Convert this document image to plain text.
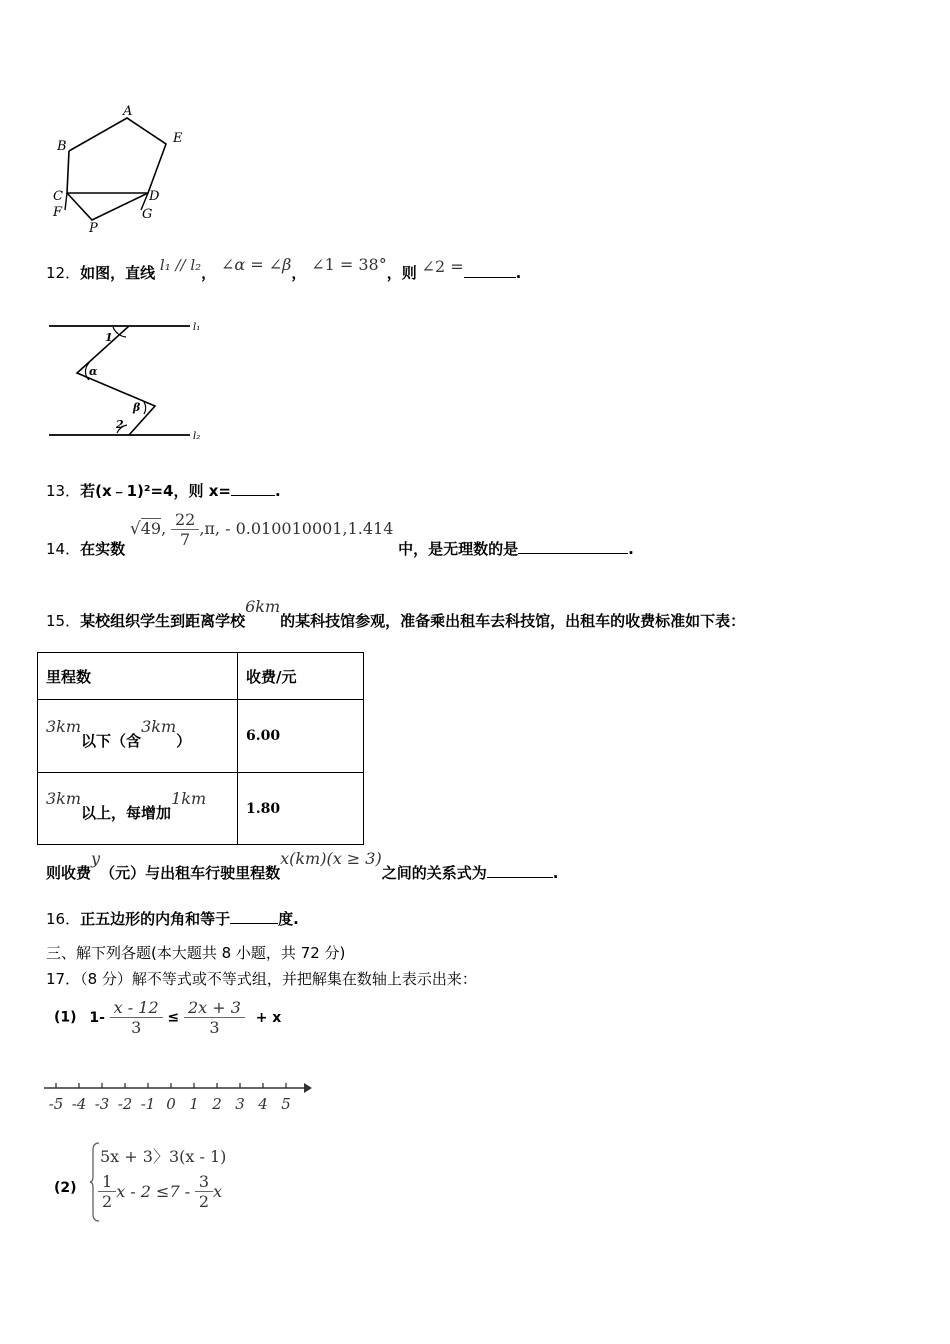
A
B
C	D
E
F	G
P
12．如图，直线 l₁ // l₂， ∠α = ∠β， ∠1 = 38°，则 ∠2 =	.
1
α
β
2
l₁
l₂
13．若(x﹣1)²=4，则 x=	.
14．在实数 √49, $\frac{22}{7} ,\pi$, - 0.010010001,1.414 中，是无理数的是	.
15．某校组织学生到距离学校6km的某科技馆参观，准备乘出租车去科技馆，出租车的收费标准如下表：
里程数	收费/元
3km以下（含3km）	6.00
3km以上，每增加1km	1.80
则收费y（元）与出租车行驶里程数x(km)(x ≥ 3)之间的关系式为	.
16．正五边形的内角和等于	度.
三、解下列各题(本大题共 8 小题，共 72 分)
17．（8 分）解不等式或不等式组，并把解集在数轴上表示出来：
(1) $1- \frac{x - 12}{3} \le \frac{2x + 3}{3} + x$
-5 -4 -3 -2 -1 0 1 2 3 4 5
(2)
5x + 3〉3(x - 1)
$\frac{1}{2}$ $x - 2 \le 7 - \frac{3}{2}$ x
